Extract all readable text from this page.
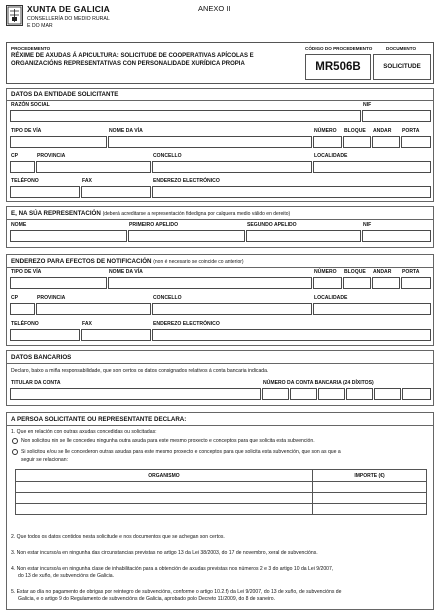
XUNTA DE GALICIA
CONSELLERÍA DO MEDIO RURAL
E DO MAR
ANEXO II
PROCEDEMENTO
RÉXIME DE AXUDAS Á APICULTURA: SOLICITUDE DE COOPERATIVAS APÍCOLAS E ORGANIZACIÓNS REPRESENTATIVAS CON PERSONALIDADE XURÍDICA PROPIA
CÓDIGO DO PROCEDEMENTO	DOCUMENTO
MR506B	SOLICITUDE
DATOS DA ENTIDADE SOLICITANTE
RAZÓN SOCIAL	NIF
TIPO DE VÍA	NOME DA VÍA	NÚMERO BLOQUE ANDAR PORTA
CP	PROVINCIA	CONCELLO	LOCALIDADE
TELÉFONO	FAX	ENDEREZO ELECTRÓNICO
E, NA SÚA REPRESENTACIÓN (deberá acreditarse a representación fidedigna por calquera medio válido en dereito)
NOME	PRIMEIRO APELIDO	SEGUNDO APELIDO	NIF
ENDEREZO PARA EFECTOS DE NOTIFICACIÓN (non é necesario se coincide co anterior)
TIPO DE VÍA	NOME DA VÍA	NÚMERO BLOQUE ANDAR PORTA
CP	PROVINCIA	CONCELLO	LOCALIDADE
TELÉFONO	FAX	ENDEREZO ELECTRÓNICO
DATOS BANCARIOS
Declaro, baixo a miña responsabilidade, que son certos os datos consignados relativos á conta bancaria indicada.
TITULAR DA CONTA	NÚMERO DA CONTA BANCARIA (24 DÍXITOS)
A PERSOA SOLICITANTE OU REPRESENTANTE DECLARA:
1. Que en relación con outras axudas concedidas ou solicitadas:
Non solicitou nin se lle concedeu ningunha outra axuda para este mesmo proxecto e conceptos para que solicita esta subvención.
Si solicitou e/ou se lle concederon outras axudas para este mesmo proxecto e conceptos para que solicita esta subvención, que son as que a
seguir se relacionan:
ORGANISMO	IMPORTE (€)

2. Que todos os datos contidos nesta solicitude e nos documentos que se achegan son certos.
3. Non estar incurso/a en ningunha das circunstancias previstas no artigo 13 da Lei 38/2003, do 17 de novembro, xeral de subvencións.
4. Non estar incurso/a en ningunha clase de inhabilitación para a obtención de axudas previstas nos números 2 e 3 do artigo 10 da Lei 9/2007,
do 13 de xuño, de subvencións de Galicia.
5. Estar ao día no pagamento de obrigas por reintegro de subvencións, conforme o artigo 10.2.f) da Lei 9/2007, do 13 de xuño, de subvencións de
Galicia, e o artigo 9 do Regulamento de subvencións de Galicia, aprobado polo Decreto 11/2009, do 8 de xaneiro.
